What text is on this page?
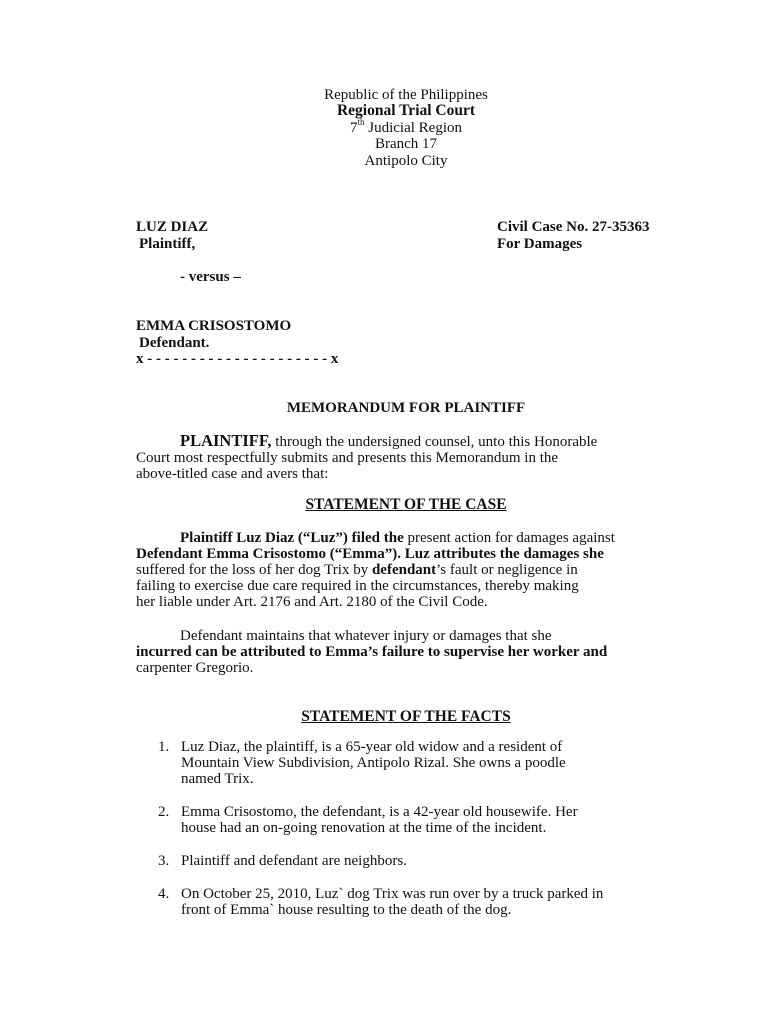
Republic of the Philippines
Regional Trial Court
7th Judicial Region
Branch 17
Antipolo City
LUZ DIAZ
Plaintiff,
Civil Case No. 27-35363
For Damages
- versus –
EMMA CRISOSTOMO
Defendant.
x - - - - - - - - - - - - - - - - - - - - - x
MEMORANDUM FOR PLAINTIFF
PLAINTIFF, through the undersigned counsel, unto this Honorable
Court most respectfully submits and presents this Memorandum in the
above-titled case and avers that:
STATEMENT OF THE CASE
Plaintiff Luz Diaz (“Luz”) filed the present action for damages against
Defendant Emma Crisostomo (“Emma”). Luz attributes the damages she
suffered for the loss of her dog Trix by defendant’s fault or negligence in
failing to exercise due care required in the circumstances, thereby making
her liable under Art. 2176 and Art. 2180 of the Civil Code.
Defendant maintains that whatever injury or damages that she
incurred can be attributed to Emma’s failure to supervise her worker and
carpenter Gregorio.
STATEMENT OF THE FACTS
1. Luz Diaz, the plaintiff, is a 65-year old widow and a resident of
Mountain View Subdivision, Antipolo Rizal. She owns a poodle
named Trix.
2. Emma Crisostomo, the defendant, is a 42-year old housewife. Her
house had an on-going renovation at the time of the incident.
3. Plaintiff and defendant are neighbors.
4. On October 25, 2010, Luz` dog Trix was run over by a truck parked in
front of Emma` house resulting to the death of the dog.
